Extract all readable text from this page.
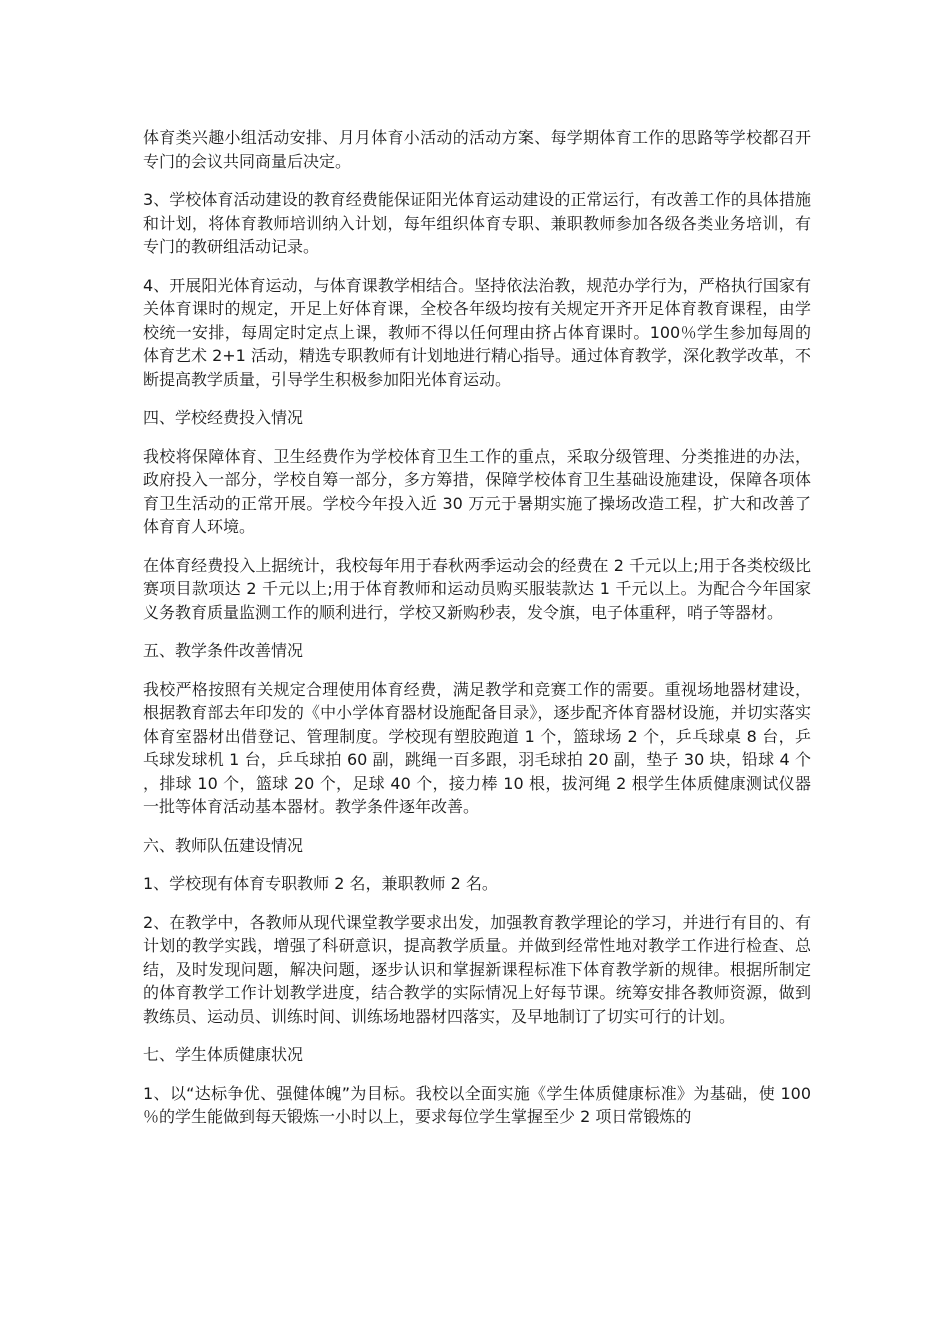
体育类兴趣小组活动安排、月月体育小活动的活动方案、每学期体育工作的思路等学校都召开专门的会议共同商量后决定。

3、学校体育活动建设的教育经费能保证阳光体育运动建设的正常运行，有改善工作的具体措施和计划，将体育教师培训纳入计划，每年组织体育专职、兼职教师参加各级各类业务培训，有专门的教研组活动记录。

4、开展阳光体育运动，与体育课教学相结合。坚持依法治教，规范办学行为，严格执行国家有关体育课时的规定，开足上好体育课，全校各年级均按有关规定开齐开足体育教育课程，由学校统一安排，每周定时定点上课，教师不得以任何理由挤占体育课时。100％学生参加每周的体育艺术 2+1 活动，精选专职教师有计划地进行精心指导。通过体育教学，深化教学改革，不断提高教学质量，引导学生积极参加阳光体育运动。

四、学校经费投入情况

我校将保障体育、卫生经费作为学校体育卫生工作的重点，采取分级管理、分类推进的办法，政府投入一部分，学校自筹一部分，多方筹措，保障学校体育卫生基础设施建设，保障各项体育卫生活动的正常开展。学校今年投入近 30 万元于暑期实施了操场改造工程，扩大和改善了体育育人环境。

在体育经费投入上据统计，我校每年用于春秋两季运动会的经费在 2 千元以上;用于各类校级比赛项目款项达 2 千元以上;用于体育教师和运动员购买服装款达 1 千元以上。为配合今年国家义务教育质量监测工作的顺利进行，学校又新购秒表，发令旗，电子体重秤，哨子等器材。

五、教学条件改善情况

我校严格按照有关规定合理使用体育经费，满足教学和竞赛工作的需要。重视场地器材建设，根据教育部去年印发的《中小学体育器材设施配备目录》，逐步配齐体育器材设施，并切实落实体育室器材出借登记、管理制度。学校现有塑胶跑道 1 个，篮球场 2 个，乒乓球桌 8 台，乒乓球发球机 1 台，乒乓球拍 60 副，跳绳一百多跟，羽毛球拍 20 副，垫子 30 块，铅球 4 个，排球 10 个，篮球 20 个，足球 40 个，接力棒 10 根，拔河绳 2 根学生体质健康测试仪器一批等体育活动基本器材。教学条件逐年改善。

六、教师队伍建设情况

1、学校现有体育专职教师 2 名，兼职教师 2 名。

2、在教学中，各教师从现代课堂教学要求出发，加强教育教学理论的学习，并进行有目的、有计划的教学实践，增强了科研意识，提高教学质量。并做到经常性地对教学工作进行检查、总结，及时发现问题，解决问题，逐步认识和掌握新课程标准下体育教学新的规律。根据所制定的体育教学工作计划教学进度，结合教学的实际情况上好每节课。统筹安排各教师资源，做到教练员、运动员、训练时间、训练场地器材四落实，及早地制订了切实可行的计划。

七、学生体质健康状况

1、以“达标争优、强健体魄”为目标。我校以全面实施《学生体质健康标准》为基础，使 100％的学生能做到每天锻炼一小时以上，要求每位学生掌握至少 2 项日常锻炼的
